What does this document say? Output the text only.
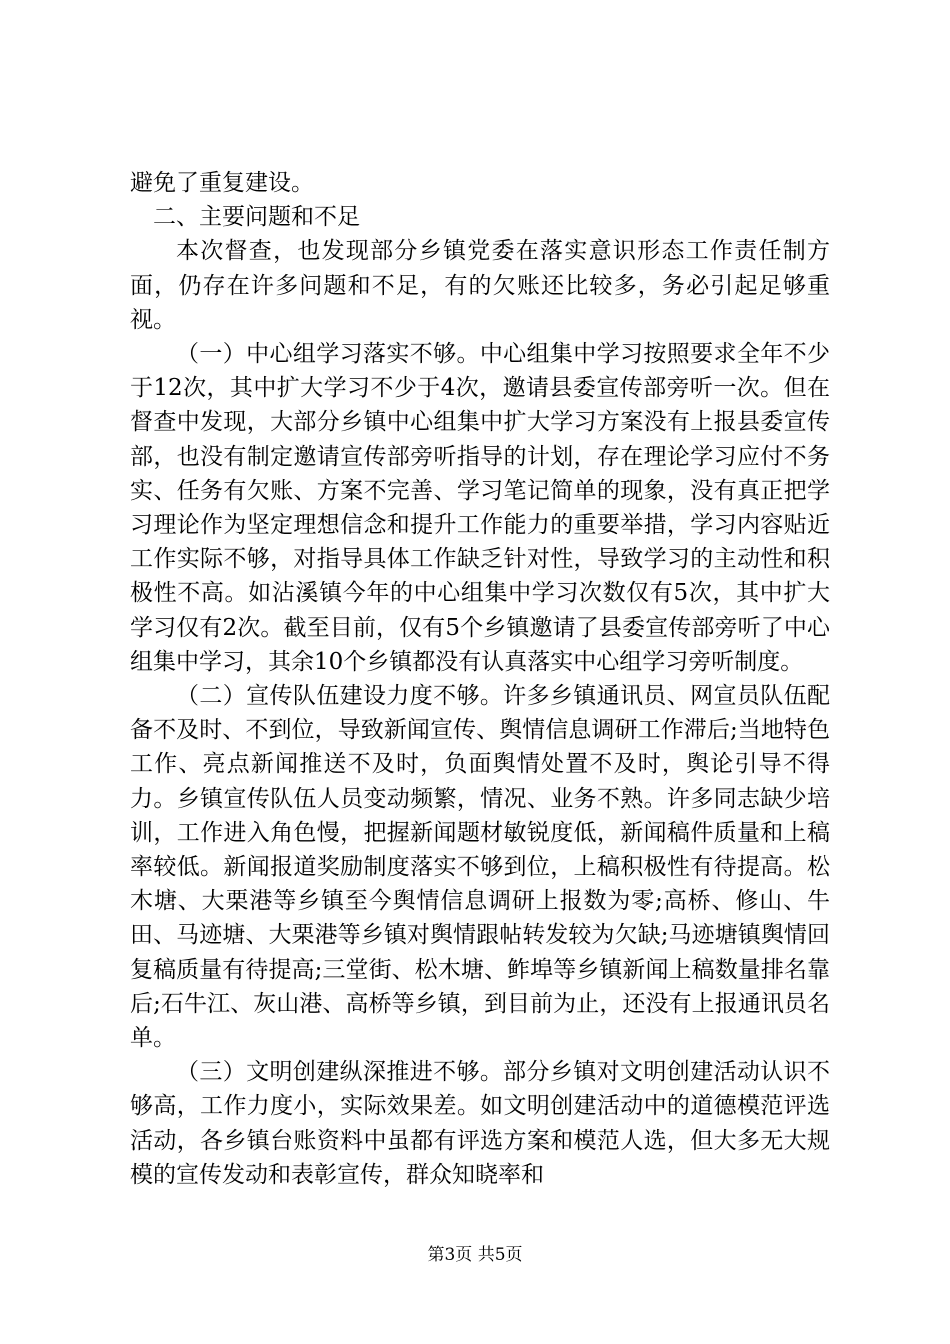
避免了重复建设。

二、主要问题和不足

本次督查，也发现部分乡镇党委在落实意识形态工作责任制方面，仍存在许多问题和不足，有的欠账还比较多，务必引起足够重视。

（一）中心组学习落实不够。中心组集中学习按照要求全年不少于12次，其中扩大学习不少于4次，邀请县委宣传部旁听一次。但在督查中发现，大部分乡镇中心组集中扩大学习方案没有上报县委宣传部，也没有制定邀请宣传部旁听指导的计划，存在理论学习应付不务实、任务有欠账、方案不完善、学习笔记简单的现象，没有真正把学习理论作为坚定理想信念和提升工作能力的重要举措，学习内容贴近工作实际不够，对指导具体工作缺乏针对性，导致学习的主动性和积极性不高。如沾溪镇今年的中心组集中学习次数仅有5次，其中扩大学习仅有2次。截至目前，仅有5个乡镇邀请了县委宣传部旁听了中心组集中学习，其余10个乡镇都没有认真落实中心组学习旁听制度。

（二）宣传队伍建设力度不够。许多乡镇通讯员、网宣员队伍配备不及时、不到位，导致新闻宣传、舆情信息调研工作滞后;当地特色工作、亮点新闻推送不及时，负面舆情处置不及时，舆论引导不得力。乡镇宣传队伍人员变动频繁，情况、业务不熟。许多同志缺少培训，工作进入角色慢，把握新闻题材敏锐度低，新闻稿件质量和上稿率较低。新闻报道奖励制度落实不够到位，上稿积极性有待提高。松木塘、大栗港等乡镇至今舆情信息调研上报数为零;高桥、修山、牛田、马迹塘、大栗港等乡镇对舆情跟帖转发较为欠缺;马迹塘镇舆情回复稿质量有待提高;三堂街、松木塘、鲊埠等乡镇新闻上稿数量排名靠后;石牛江、灰山港、高桥等乡镇，到目前为止，还没有上报通讯员名单。

（三）文明创建纵深推进不够。部分乡镇对文明创建活动认识不够高，工作力度小，实际效果差。如文明创建活动中的道德模范评选活动，各乡镇台账资料中虽都有评选方案和模范人选，但大多无大规模的宣传发动和表彰宣传，群众知晓率和

第3页 共5页
